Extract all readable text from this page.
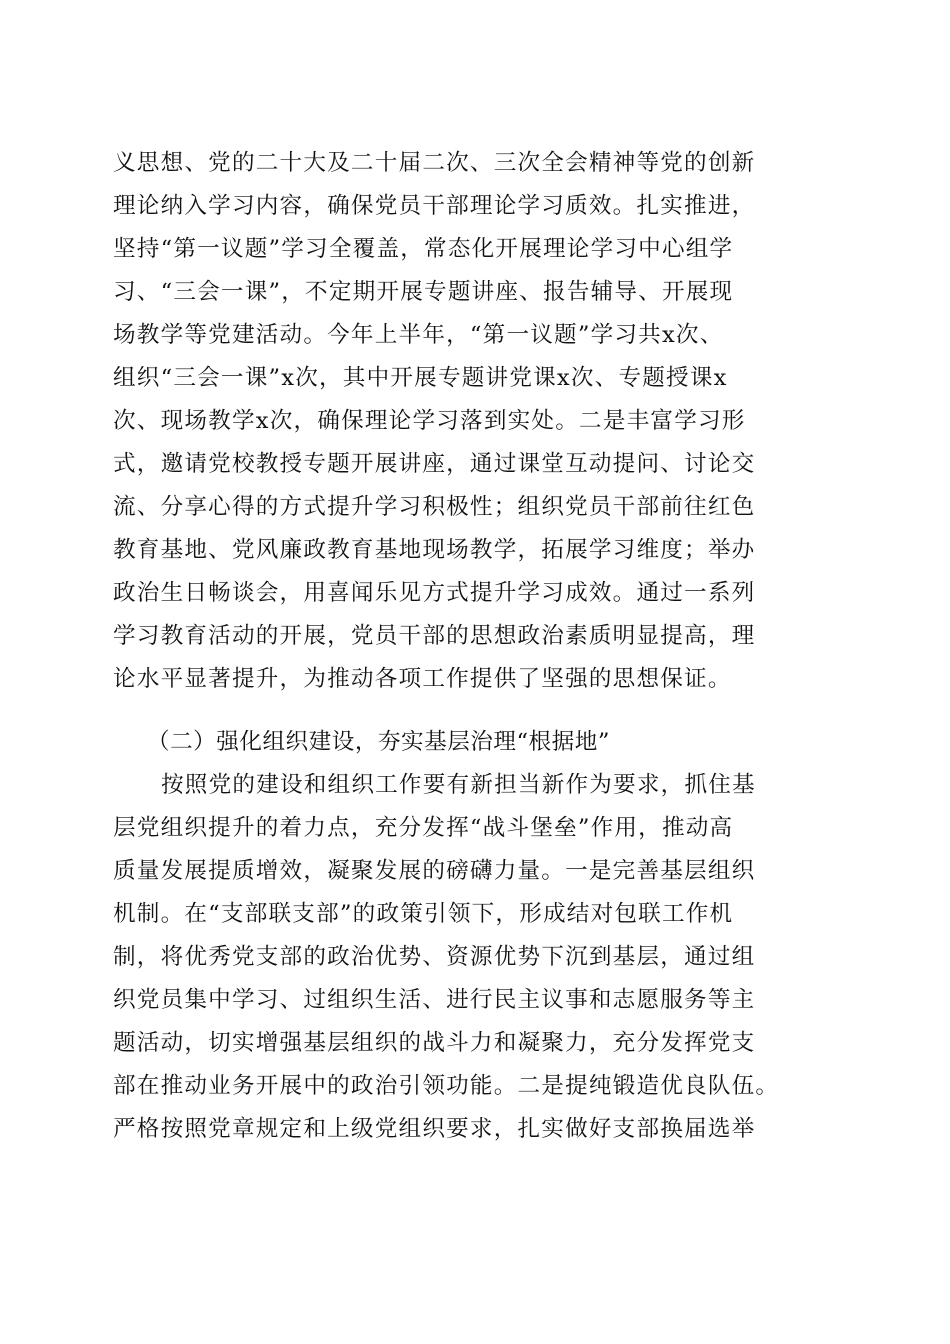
义思想、党的二十大及二十届二次、三次全会精神等党的创新
理论纳入学习内容，确保党员干部理论学习质效。扎实推进，
坚持“第一议题”学习全覆盖，常态化开展理论学习中心组学
习、“三会一课”，不定期开展专题讲座、报告辅导、开展现
场教学等党建活动。今年上半年，“第一议题”学习共x次、
组织“三会一课”x次，其中开展专题讲党课x次、专题授课x
次、现场教学x次，确保理论学习落到实处。二是丰富学习形
式，邀请党校教授专题开展讲座，通过课堂互动提问、讨论交
流、分享心得的方式提升学习积极性；组织党员干部前往红色
教育基地、党风廉政教育基地现场教学，拓展学习维度；举办
政治生日畅谈会，用喜闻乐见方式提升学习成效。通过一系列
学习教育活动的开展，党员干部的思想政治素质明显提高，理
论水平显著提升，为推动各项工作提供了坚强的思想保证。
（二）强化组织建设，夯实基层治理“根据地”
按照党的建设和组织工作要有新担当新作为要求，抓住基
层党组织提升的着力点，充分发挥“战斗堡垒”作用，推动高
质量发展提质增效，凝聚发展的磅礴力量。一是完善基层组织
机制。在“支部联支部”的政策引领下，形成结对包联工作机
制，将优秀党支部的政治优势、资源优势下沉到基层，通过组
织党员集中学习、过组织生活、进行民主议事和志愿服务等主
题活动，切实增强基层组织的战斗力和凝聚力，充分发挥党支
部在推动业务开展中的政治引领功能。二是提纯锻造优良队伍。
严格按照党章规定和上级党组织要求，扎实做好支部换届选举
